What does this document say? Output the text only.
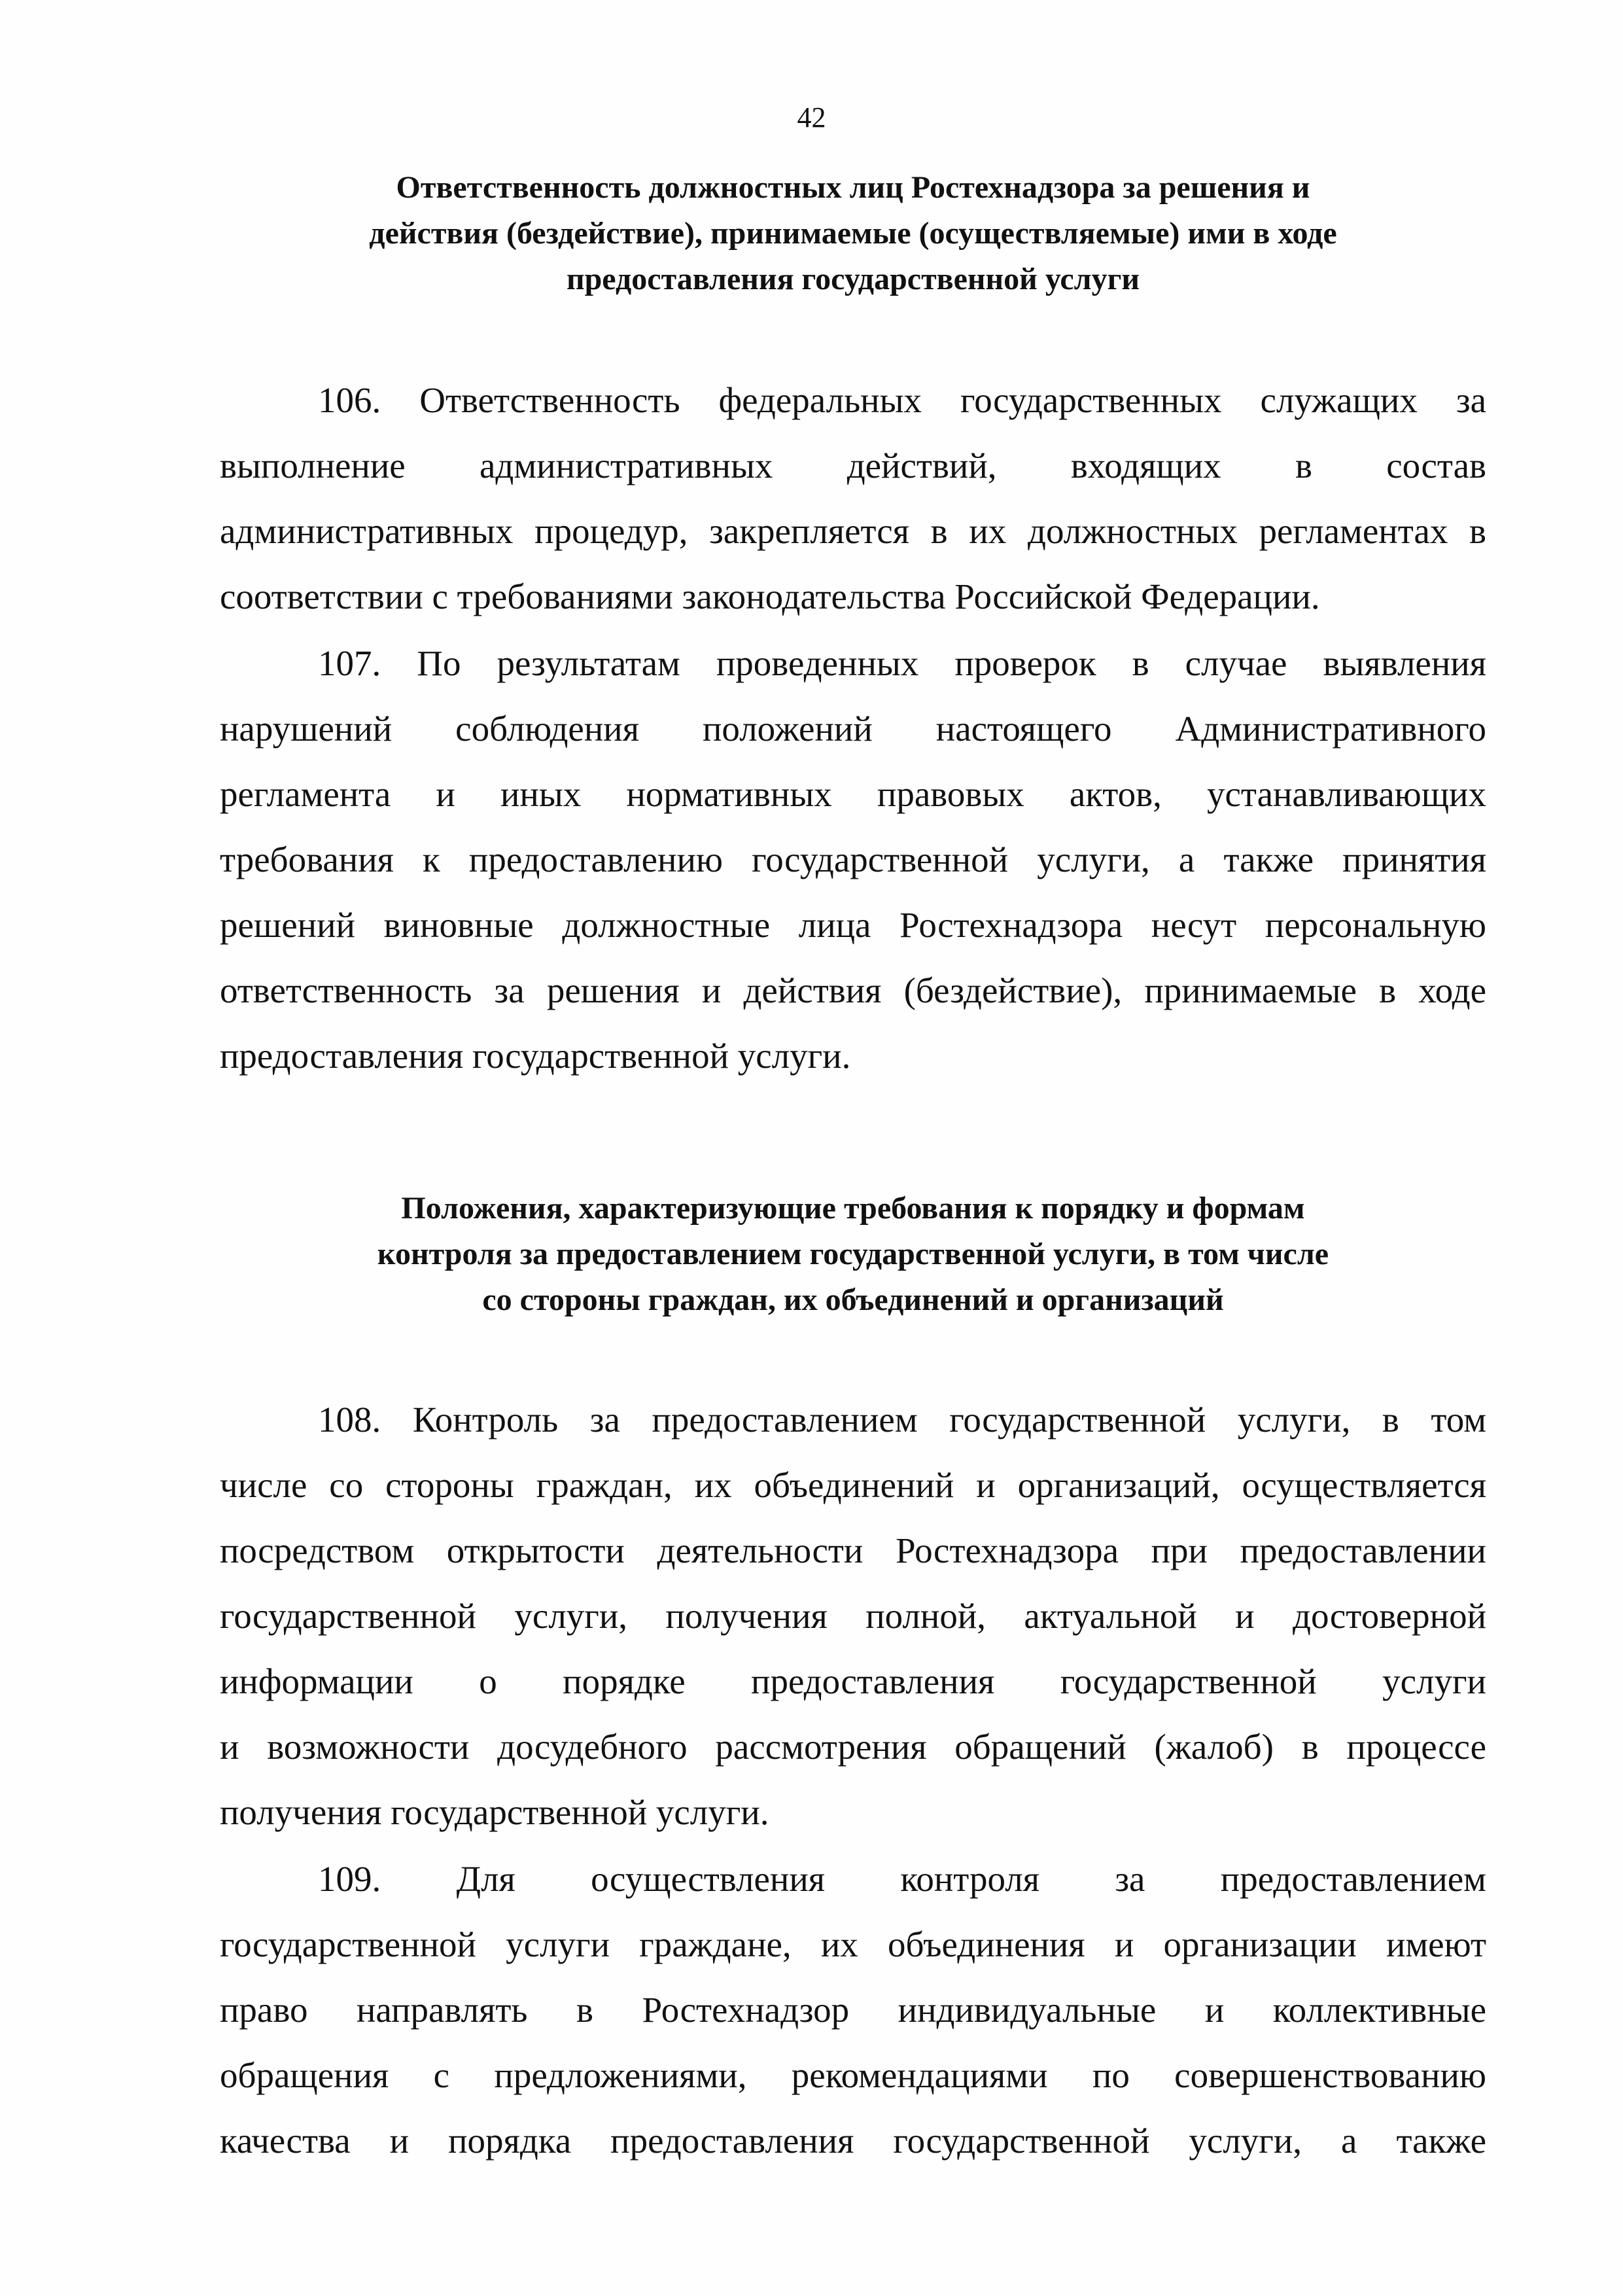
42
Ответственность должностных лиц Ростехнадзора за решения и
действия (бездействие), принимаемые (осуществляемые) ими в ходе
предоставления государственной услуги

106. Ответственность федеральных государственных служащих за
выполнение административных действий, входящих в состав
административных процедур, закрепляется в их должностных регламентах в
соответствии с требованиями законодательства Российской Федерации.

107. По результатам проведенных проверок в случае выявления
нарушений соблюдения положений настоящего Административного
регламента и иных нормативных правовых актов, устанавливающих
требования к предоставлению государственной услуги, а также принятия
решений виновные должностные лица Ростехнадзора несут персональную
ответственность за решения и действия (бездействие), принимаемые в ходе
предоставления государственной услуги.

Положения, характеризующие требования к порядку и формам
контроля за предоставлением государственной услуги, в том числе
со стороны граждан, их объединений и организаций

108. Контроль за предоставлением государственной услуги, в том
числе со стороны граждан, их объединений и организаций, осуществляется
посредством открытости деятельности Ростехнадзора при предоставлении
государственной услуги, получения полной, актуальной и достоверной
информации о порядке предоставления государственной услуги
и возможности досудебного рассмотрения обращений (жалоб) в процессе
получения государственной услуги.

109. Для осуществления контроля за предоставлением
государственной услуги граждане, их объединения и организации имеют
право направлять в Ростехнадзор индивидуальные и коллективные
обращения с предложениями, рекомендациями по совершенствованию
качества и порядка предоставления государственной услуги, а также
